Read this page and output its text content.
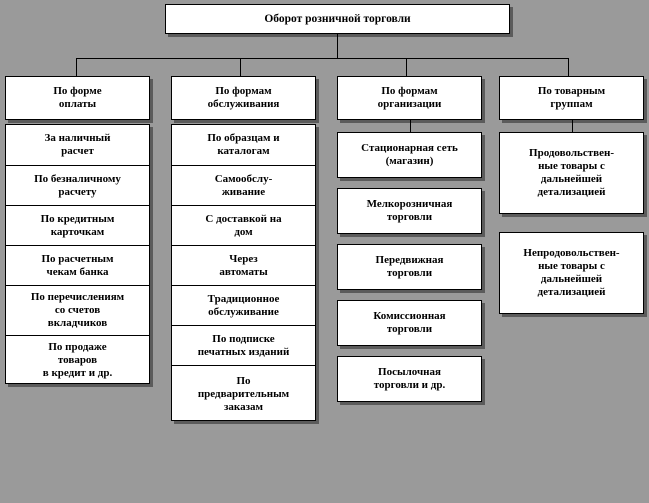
Оборот розничной торговли
По форме
оплаты
За наличный
расчет
По безналичному
расчету
По кредитным
карточкам
По расчетным
чекам банка
По перечислениям
со счетов
вкладчиков
По продаже
товаров
в кредит и др.
По формам
обслуживания
По образцам и
каталогам
Самообслу-
живание
С доставкой на
дом
Через
автоматы
Традиционное
обслуживание
По подписке
печатных изданий
По
предварительным
заказам
По формам
организации
Стационарная сеть
(магазин)
Мелкорозничная
торговли
Передвижная
торговли
Комиссионная
торговли
Посылочная
торговли и др.
По товарным
группам
Продовольствен-
ные товары с
дальнейшей
детализацией
Непродовольствен-
ные товары с
дальнейшей
детализацией
